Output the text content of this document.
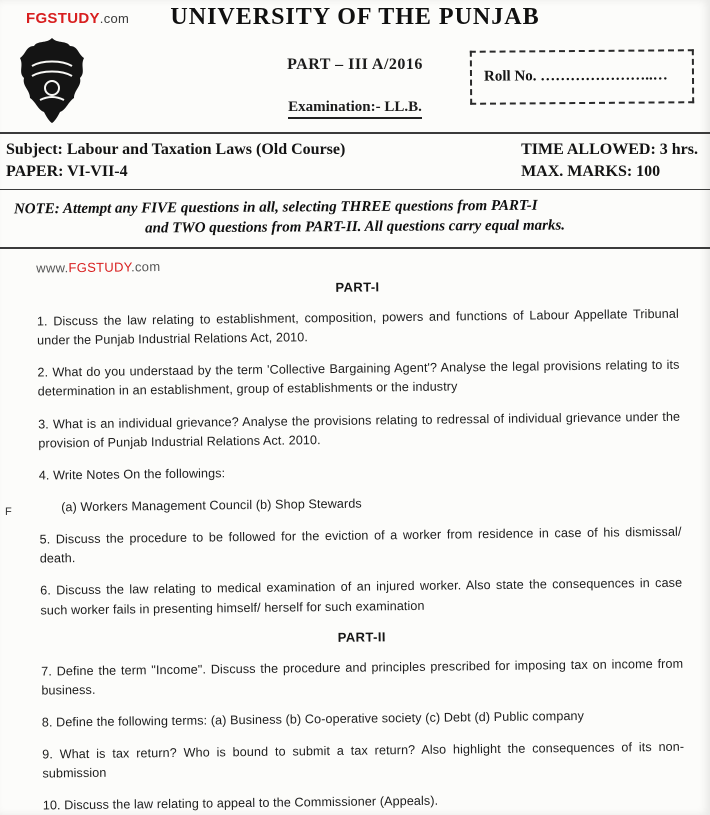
FGSTUDY.com	UNIVERSITY OF THE PUNJAB
PART – III A/2016

Examination:- LL.B.
Roll No. …………………..…
Subject: Labour and Taxation Laws (Old Course)
PAPER: VI-VII-4
TIME ALLOWED: 3 hrs.
MAX. MARKS: 100
NOTE: Attempt any FIVE questions in all, selecting THREE questions from PART-I
and TWO questions from PART-II. All questions carry equal marks.
www.FGSTUDY.com
PART-I

1. Discuss the law relating to establishment, composition, powers and functions of Labour Appellate Tribunal under the Punjab Industrial Relations Act, 2010.

2. What do you understaad by the term 'Collective Bargaining Agent'? Analyse the legal provisions relating to its determination in an establishment, group of establishments or the industry

3. What is an individual grievance? Analyse the provisions relating to redressal of individual grievance under the provision of Punjab Industrial Relations Act. 2010.

4. Write Notes On the followings:

(a) Workers Management Council (b) Shop Stewards

5. Discuss the procedure to be followed for the eviction of a worker from residence in case of his dismissal/ death.

6. Discuss the law relating to medical examination of an injured worker. Also state the consequences in case such worker fails in presenting himself/ herself for such examination

PART-II

7. Define the term "Income". Discuss the procedure and principles prescribed for imposing tax on income from business.

8. Define the following terms: (a) Business (b) Co-operative society (c) Debt (d) Public company

9. What is tax return? Who is bound to submit a tax return? Also highlight the consequences of its non-submission

10. Discuss the law relating to appeal to the Commissioner (Appeals).

F
